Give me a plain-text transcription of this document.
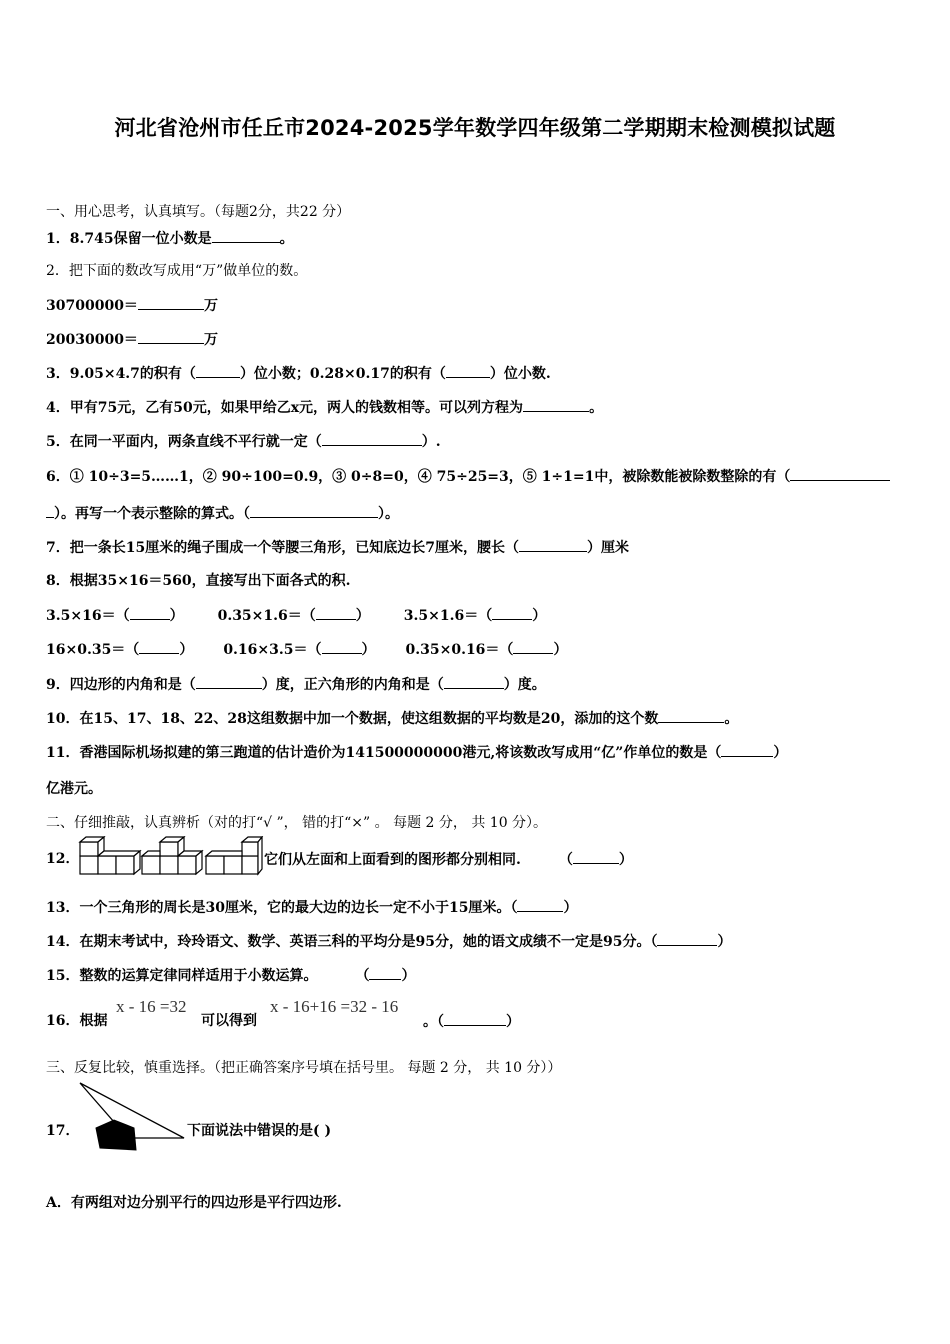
河北省沧州市任丘市2024-2025学年数学四年级第二学期期末检测模拟试题
一、用心思考，认真填写。（每题2分，共22 分）
1．8.745保留一位小数是	。
2．把下面的数改写成用“万”做单位的数。
30700000＝	万
20030000＝	万
3．9.05×4.7的积有（	）位小数；0.28×0.17的积有（	）位小数.
4．甲有75元，乙有50元，如果甲给乙x元，两人的钱数相等。可以列方程为	。
5．在同一平面内，两条直线不平行就一定（	）.
6．① 10÷3=5……1，② 90÷100=0.9，③ 0÷8=0，④ 75÷25=3，⑤ 1÷1=1中，被除数能被除数整除的有（
）。再写一个表示整除的算式。（	）。
7．把一条长15厘米的绳子围成一个等腰三角形，已知底边长7厘米，腰长（	）厘米
8．根据35×16＝560，直接写出下面各式的积.
3.5×16＝（	） 0.35×1.6＝（	） 3.5×1.6＝（	）
16×0.35＝（	） 0.16×3.5＝（	） 0.35×0.16＝（	）
9．四边形的内角和是（	）度，正六角形的内角和是（	）度。
10．在15、17、18、22、28这组数据中加一个数据，使这组数据的平均数是20，添加的这个数	。
11．香港国际机场拟建的第三跑道的估计造价为141500000000港元,将该数改写成用“亿”作单位的数是（	）
亿港元。
二、仔细推敲，认真辨析（对的打“√ ”， 错的打“×” 。 每题 2 分， 共 10 分）。
12．	它们从左面和上面看到的图形都分别相同.	（	）
13．一个三角形的周长是30厘米，它的最大边的边长一定不小于15厘米。（	）
14．在期末考试中，玲玲语文、数学、英语三科的平均分是95分，她的语文成绩不一定是95分。（	）
15．整数的运算定律同样适用于小数运算。	（ ）
16．根据
x - 16 =32
可以得到
x - 16+16 =32 - 16
。（	）
三、反复比较，慎重选择。（把正确答案序号填在括号里。 每题 2 分， 共 10 分））
17．	下面说法中错误的是( )
A．有两组对边分别平行的四边形是平行四边形.
